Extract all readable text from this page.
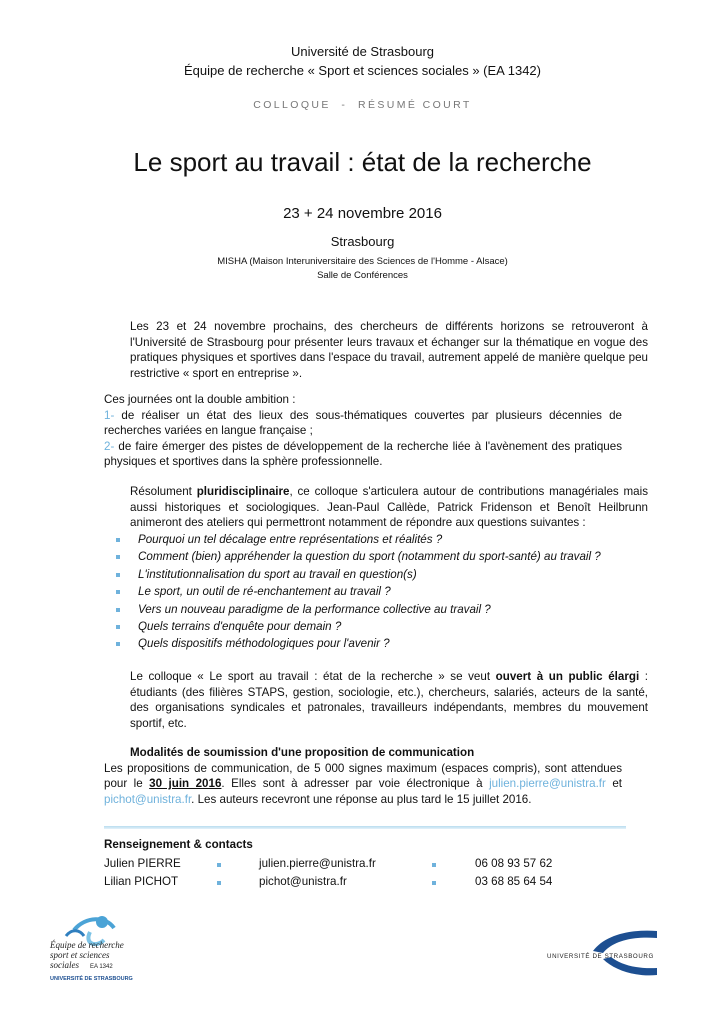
Université de Strasbourg
Équipe de recherche « Sport et sciences sociales » (EA 1342)
COLLOQUE  -  RÉSUMÉ COURT
Le sport au travail : état de la recherche
23 + 24 novembre 2016
Strasbourg
MISHA (Maison Interuniversitaire des Sciences de l'Homme - Alsace)
Salle de Conférences
Les 23 et 24 novembre prochains, des chercheurs de différents horizons se retrouveront à l'Université de Strasbourg pour présenter leurs travaux et échanger sur la thématique en vogue des pratiques physiques et sportives dans l'espace du travail, autrement appelé de manière quelque peu restrictive « sport en entreprise ».
Ces journées ont la double ambition :
1- de réaliser un état des lieux des sous-thématiques couvertes par plusieurs décennies de recherches variées en langue française ;
2- de faire émerger des pistes de développement de la recherche liée à l'avènement des pratiques physiques et sportives dans la sphère professionnelle.
Résolument pluridisciplinaire, ce colloque s'articulera autour de contributions managériales mais aussi historiques et sociologiques. Jean-Paul Callède, Patrick Fridenson et Benoît Heilbrunn animeront des ateliers qui permettront notamment de répondre aux questions suivantes :
Pourquoi un tel décalage entre représentations et réalités ?
Comment (bien) appréhender la question du sport (notamment du sport-santé) au travail ?
L'institutionnalisation du sport au travail en question(s)
Le sport, un outil de ré-enchantement au travail ?
Vers un nouveau paradigme de la performance collective au travail ?
Quels terrains d'enquête pour demain ?
Quels dispositifs méthodologiques pour l'avenir ?
Le colloque « Le sport au travail : état de la recherche » se veut ouvert à un public élargi : étudiants (des filières STAPS, gestion, sociologie, etc.), chercheurs, salariés, acteurs de la santé, des organisations syndicales et patronales, travailleurs indépendants, membres du mouvement sportif, etc.
Modalités de soumission d'une proposition de communication
Les propositions de communication, de 5 000 signes maximum (espaces compris), sont attendues pour le 30 juin 2016. Elles sont à adresser par voie électronique à julien.pierre@unistra.fr et pichot@unistra.fr. Les auteurs recevront une réponse au plus tard le 15 juillet 2016.
Renseignement & contacts
Julien PIERRE	julien.pierre@unistra.fr	06 08 93 57 62
Lilian PICHOT	pichot@unistra.fr	03 68 85 64 54
Équipe de recherche
sport et sciences
sociales EA 1342
UNIVERSITÉ DE STRASBOURG
UNIVERSITÉ DE STRASBOURG
